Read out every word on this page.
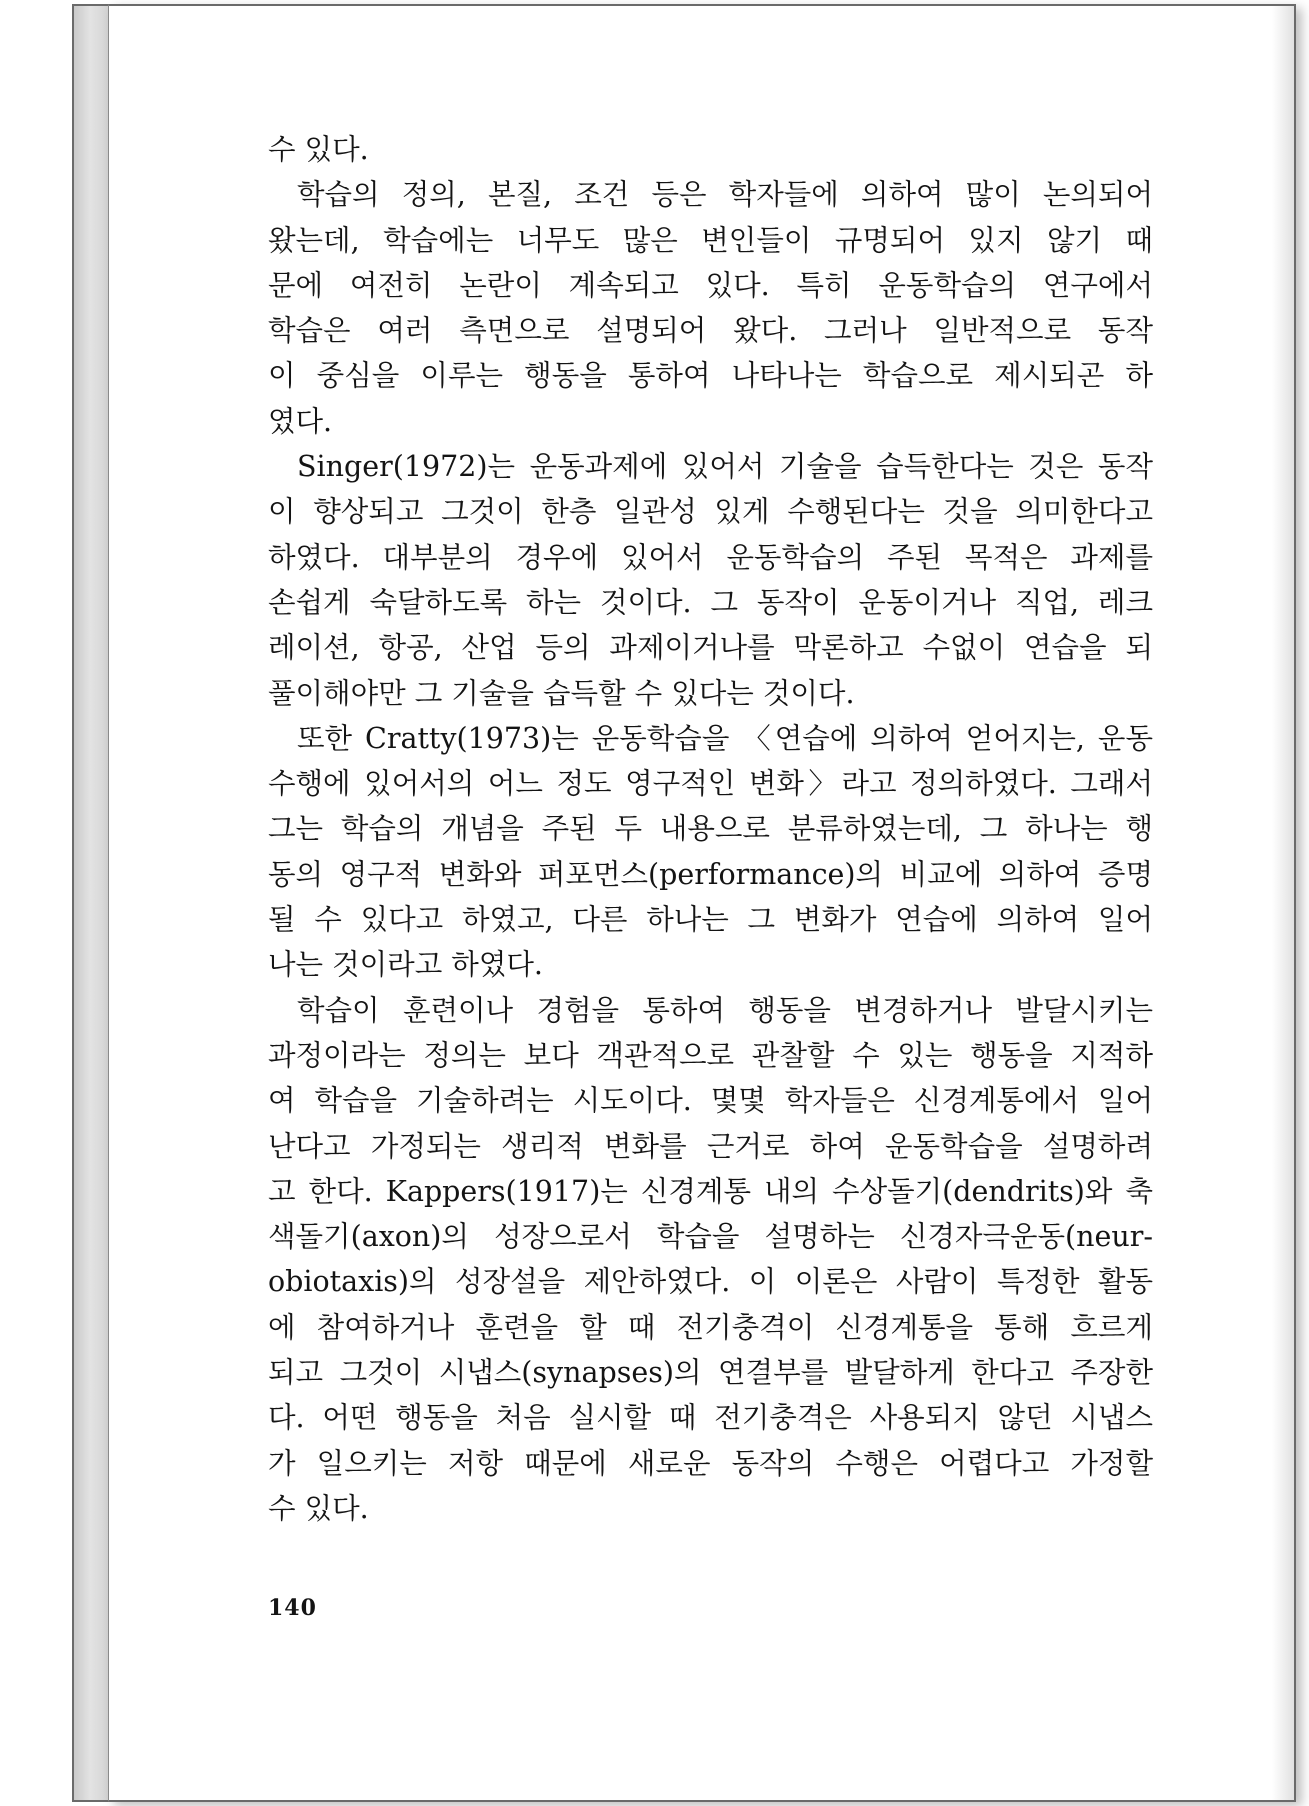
수 있다.
학습의 정의, 본질, 조건 등은 학자들에 의하여 많이 논의되어
왔는데, 학습에는 너무도 많은 변인들이 규명되어 있지 않기 때
문에 여전히 논란이 계속되고 있다. 특히 운동학습의 연구에서
학습은 여러 측면으로 설명되어 왔다. 그러나 일반적으로 동작
이 중심을 이루는 행동을 통하여 나타나는 학습으로 제시되곤 하
였다.
Singer(1972)는 운동과제에 있어서 기술을 습득한다는 것은 동작
이 향상되고 그것이 한층 일관성 있게 수행된다는 것을 의미한다고
하였다. 대부분의 경우에 있어서 운동학습의 주된 목적은 과제를
손쉽게 숙달하도록 하는 것이다. 그 동작이 운동이거나 직업, 레크
레이션, 항공, 산업 등의 과제이거나를 막론하고 수없이 연습을 되
풀이해야만 그 기술을 습득할 수 있다는 것이다.
또한 Cratty(1973)는 운동학습을 〈연습에 의하여 얻어지는, 운동
수행에 있어서의 어느 정도 영구적인 변화〉라고 정의하였다. 그래서
그는 학습의 개념을 주된 두 내용으로 분류하였는데, 그 하나는 행
동의 영구적 변화와 퍼포먼스(performance)의 비교에 의하여 증명
될 수 있다고 하였고, 다른 하나는 그 변화가 연습에 의하여 일어
나는 것이라고 하였다.
학습이 훈련이나 경험을 통하여 행동을 변경하거나 발달시키는
과정이라는 정의는 보다 객관적으로 관찰할 수 있는 행동을 지적하
여 학습을 기술하려는 시도이다. 몇몇 학자들은 신경계통에서 일어
난다고 가정되는 생리적 변화를 근거로 하여 운동학습을 설명하려
고 한다. Kappers(1917)는 신경계통 내의 수상돌기(dendrits)와 축
색돌기(axon)의 성장으로서 학습을 설명하는 신경자극운동(neur-
obiotaxis)의 성장설을 제안하였다. 이 이론은 사람이 특정한 활동
에 참여하거나 훈련을 할 때 전기충격이 신경계통을 통해 흐르게
되고 그것이 시냅스(synapses)의 연결부를 발달하게 한다고 주장한
다. 어떤 행동을 처음 실시할 때 전기충격은 사용되지 않던 시냅스
가 일으키는 저항 때문에 새로운 동작의 수행은 어렵다고 가정할
수 있다.
140
